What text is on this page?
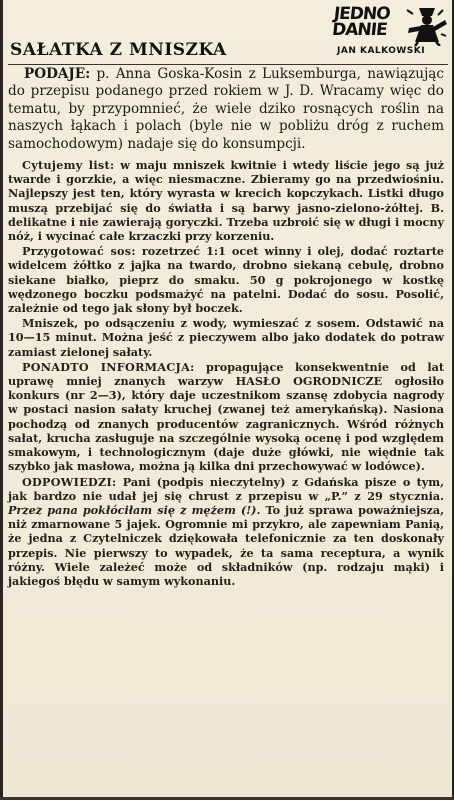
JEDNO
DANIE
JAN KALKOWSKI
SAŁATKA Z MNISZKA

PODAJE: p. Anna Goska-Kosin z Luksemburga, nawiązując do przepisu podanego przed rokiem w J. D. Wracamy więc do tematu, by przypomnieć, że wiele dziko rosnących roślin na naszych łąkach i polach (byle nie w pobliżu dróg z ruchem samochodowym) nadaje się do konsumpcji.

Cytujemy list: w maju mniszek kwitnie i wtedy liście jego są już twarde i gorzkie, a więc niesmaczne. Zbieramy go na przedwiośniu. Najlepszy jest ten, który wyrasta w krecich kopczykach. Listki długo muszą przebijać się do światła i są barwy jasno-zielono-żółtej. B. delikatne i nie zawierają goryczki. Trzeba uzbroić się w długi i mocny nóż, i wycinać całe krzaczki przy korzeniu.

Przygotować sos: rozetrzeć 1:1 ocet winny i olej, dodać roztarte widelcem żółtko z jajka na twardo, drobno siekaną cebulę, drobno siekane białko, pieprz do smaku. 50 g pokrojonego w kostkę wędzonego boczku podsmażyć na patelni. Dodać do sosu. Posolić, zależnie od tego jak słony był boczek.

Mniszek, po odsączeniu z wody, wymieszać z sosem. Odstawić na 10—15 minut. Można jeść z pieczywem albo jako dodatek do potraw zamiast zielonej sałaty.

PONADTO INFORMACJA: propagujące konsekwentnie od lat uprawę mniej znanych warzyw HASŁO OGRODNICZE ogłosiło konkurs (nr 2—3), który daje uczestnikom szansę zdobycia nagrody w postaci nasion sałaty kruchej (zwanej też amerykańską). Nasiona pochodzą od znanych producentów zagranicznych. Wśród różnych sałat, krucha zasługuje na szczególnie wysoką ocenę i pod względem smakowym, i technologicznym (daje duże główki, nie więdnie tak szybko jak masłowa, można ją kilka dni przechowywać w lodówce).

ODPOWIEDZI: Pani (podpis nieczytelny) z Gdańska pisze o tym, jak bardzo nie udał jej się chrust z przepisu w „P.” z 29 stycznia. Przez pana pokłóciłam się z mężem (!). To już sprawa poważniejsza, niż zmarnowane 5 jajek. Ogromnie mi przykro, ale zapewniam Panią, że jedna z Czytelniczek dziękowała telefonicznie za ten doskonały przepis. Nie pierwszy to wypadek, że ta sama receptura, a wynik różny. Wiele zależeć może od składników (np. rodzaju mąki) i jakiegoś błędu w samym wykonaniu.
